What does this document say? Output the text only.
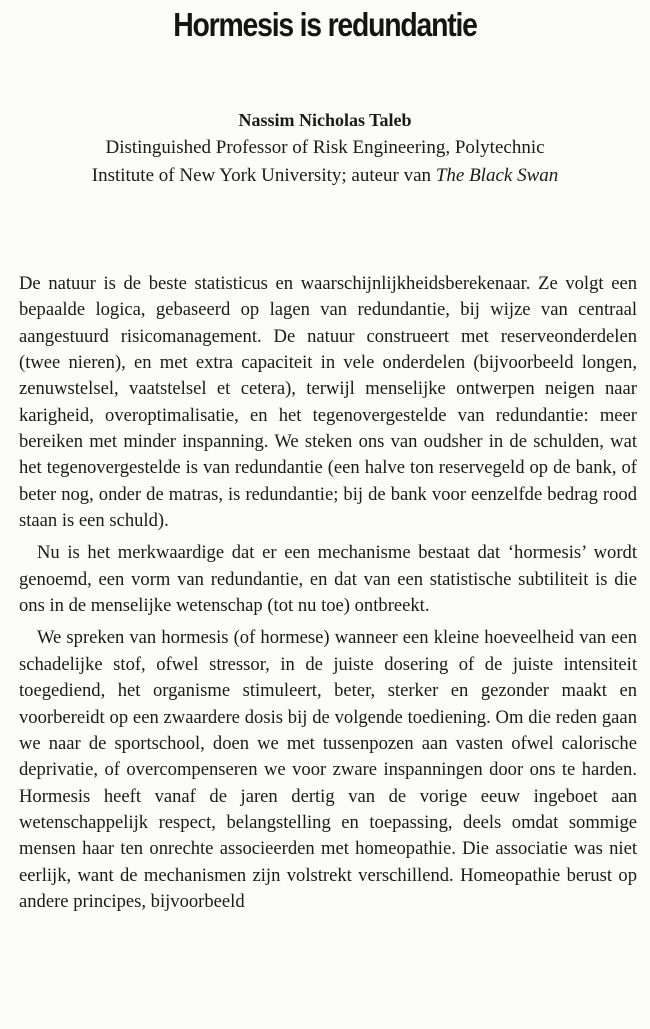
Hormesis is redundantie
Nassim Nicholas Taleb
Distinguished Professor of Risk Engineering, Polytechnic
Institute of New York University; auteur van The Black Swan

De natuur is de beste statisticus en waarschijnlijkheidsberekenaar. Ze volgt een bepaalde logica, gebaseerd op lagen van redundantie, bij wijze van centraal aangestuurd risicomanagement. De natuur construeert met reserveonderdelen (twee nieren), en met extra capaciteit in vele onderdelen (bijvoorbeeld longen, zenuwstelsel, vaatstelsel et cetera), terwijl menselijke ontwerpen neigen naar karigheid, overoptimalisatie, en het tegenovergestelde van redundantie: meer bereiken met minder inspanning. We steken ons van oudsher in de schulden, wat het tegenovergestelde is van redundantie (een halve ton reservegeld op de bank, of beter nog, onder de matras, is redundantie; bij de bank voor eenzelfde bedrag rood staan is een schuld).

Nu is het merkwaardige dat er een mechanisme bestaat dat ‘hormesis’ wordt genoemd, een vorm van redundantie, en dat van een statistische subtiliteit is die ons in de menselijke wetenschap (tot nu toe) ontbreekt.

We spreken van hormesis (of hormese) wanneer een kleine hoeveelheid van een schadelijke stof, ofwel stressor, in de juiste dosering of de juiste intensiteit toegediend, het organisme stimuleert, beter, sterker en gezonder maakt en voorbereidt op een zwaardere dosis bij de volgende toediening. Om die reden gaan we naar de sportschool, doen we met tussenpozen aan vasten ofwel calorische deprivatie, of overcompenseren we voor zware inspanningen door ons te harden. Hormesis heeft vanaf de jaren dertig van de vorige eeuw ingeboet aan wetenschappelijk respect, belangstelling en toepassing, deels omdat sommige mensen haar ten onrechte associeerden met homeopathie. Die associatie was niet eerlijk, want de mechanismen zijn volstrekt verschillend. Homeopathie berust op andere principes, bijvoorbeeld
